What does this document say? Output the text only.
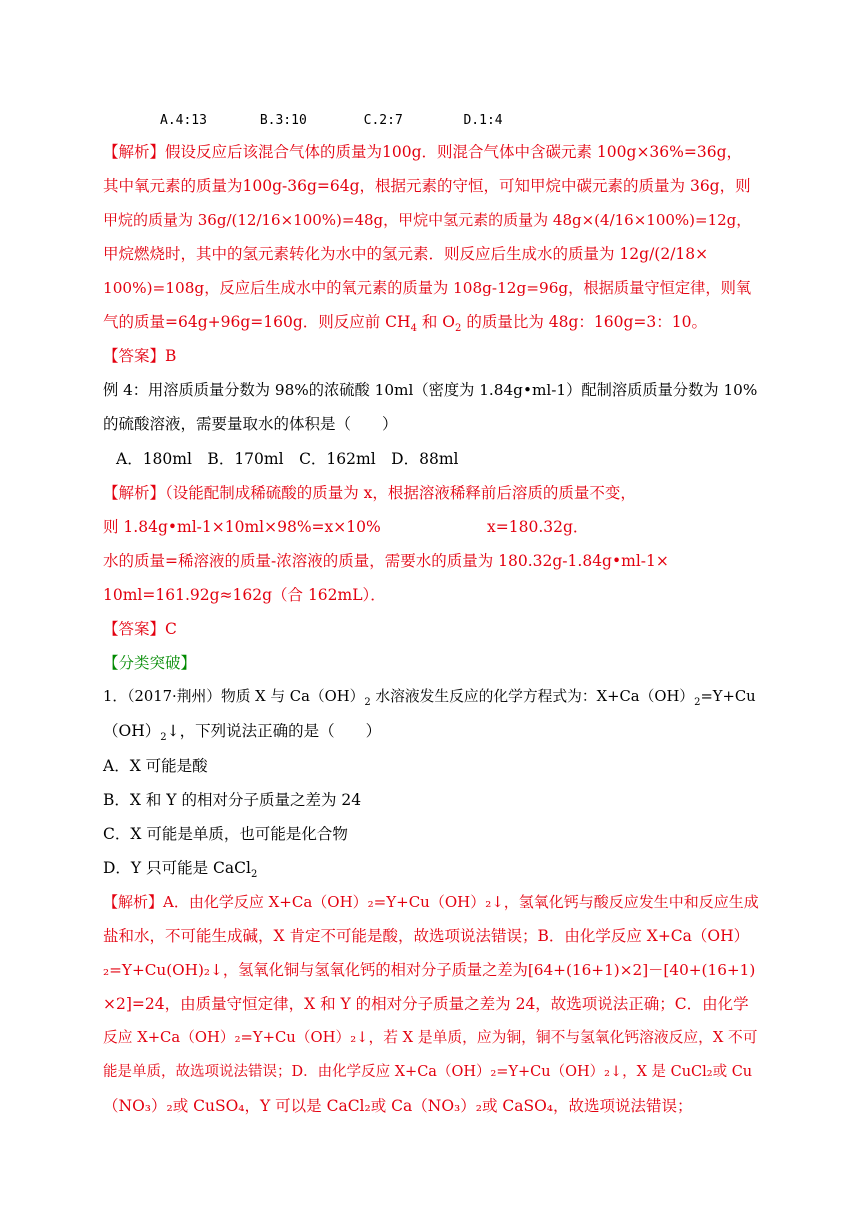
A.4:13	B.3:10	C.2:7	D.1:4
【解析】假设反应后该混合气体的质量为100g．则混合气体中含碳元素 100g×36%=36g，
其中氧元素的质量为100g-36g=64g，根据元素的守恒，可知甲烷中碳元素的质量为 36g，则
甲烷的质量为 36g/(12/16×100%)=48g，甲烷中氢元素的质量为 48g×(4/16×100%)=12g，
甲烷燃烧时，其中的氢元素转化为水中的氢元素．则反应后生成水的质量为 12g/(2/18×
100%)=108g，反应后生成水中的氧元素的质量为 108g-12g=96g，根据质量守恒定律，则氧
气的质量=64g+96g=160g．则反应前 $CH_4$ 和 $O_2$ 的质量比为 48g：160g=3：10。
【答案】B
例 4：用溶质质量分数为 98%的浓硫酸 10ml（密度为 1.84g•ml-1）配制溶质质量分数为 10%
的硫酸溶液，需要量取水的体积是（　　）
A．180ml　B．170ml　C．162ml　D．88ml
【解析】（设能配制成稀硫酸的质量为 x，根据溶液稀释前后溶质的质量不变，
则 1.84g•ml-1×10ml×98%=x×10%	x=180.32g．
水的质量=稀溶液的质量-浓溶液的质量，需要水的质量为 180.32g-1.84g•ml-1×
10ml=161.92g≈162g（合 162mL）．
【答案】C
【分类突破】
1．（2017·荆州）物质 X 与 $Ca(OH)_2$ 水溶液发生反应的化学方程式为：$X+Ca(OH)_2=Y+Cu$
$(OH)_2↓$，下列说法正确的是（　　）
A．X 可能是酸
B．X 和 Y 的相对分子质量之差为 24
C．X 可能是单质，也可能是化合物
D．Y 只可能是 CaCl$_2$
【解析】A．由化学反应 X+Ca（OH）₂=Y+Cu（OH）₂↓，氢氧化钙与酸反应发生中和反应生成
盐和水，不可能生成碱，X 肯定不可能是酸，故选项说法错误；B．由化学反应 X+Ca（OH）
₂=Y+Cu(OH)₂↓，氢氧化铜与氢氧化钙的相对分子质量之差为[64+(16+1)×2]－[40+(16+1)
×2]=24，由质量守恒定律，X 和 Y 的相对分子质量之差为 24，故选项说法正确；C．由化学
反应 X+Ca（OH）₂=Y+Cu（OH）₂↓，若 X 是单质，应为铜，铜不与氢氧化钙溶液反应，X 不可
能是单质，故选项说法错误；D．由化学反应 X+Ca（OH）₂=Y+Cu（OH）₂↓，X 是 CuCl₂或 Cu
（NO₃）₂或 CuSO₄，Y 可以是 CaCl₂或 Ca（NO₃）₂或 CaSO₄，故选项说法错误；
